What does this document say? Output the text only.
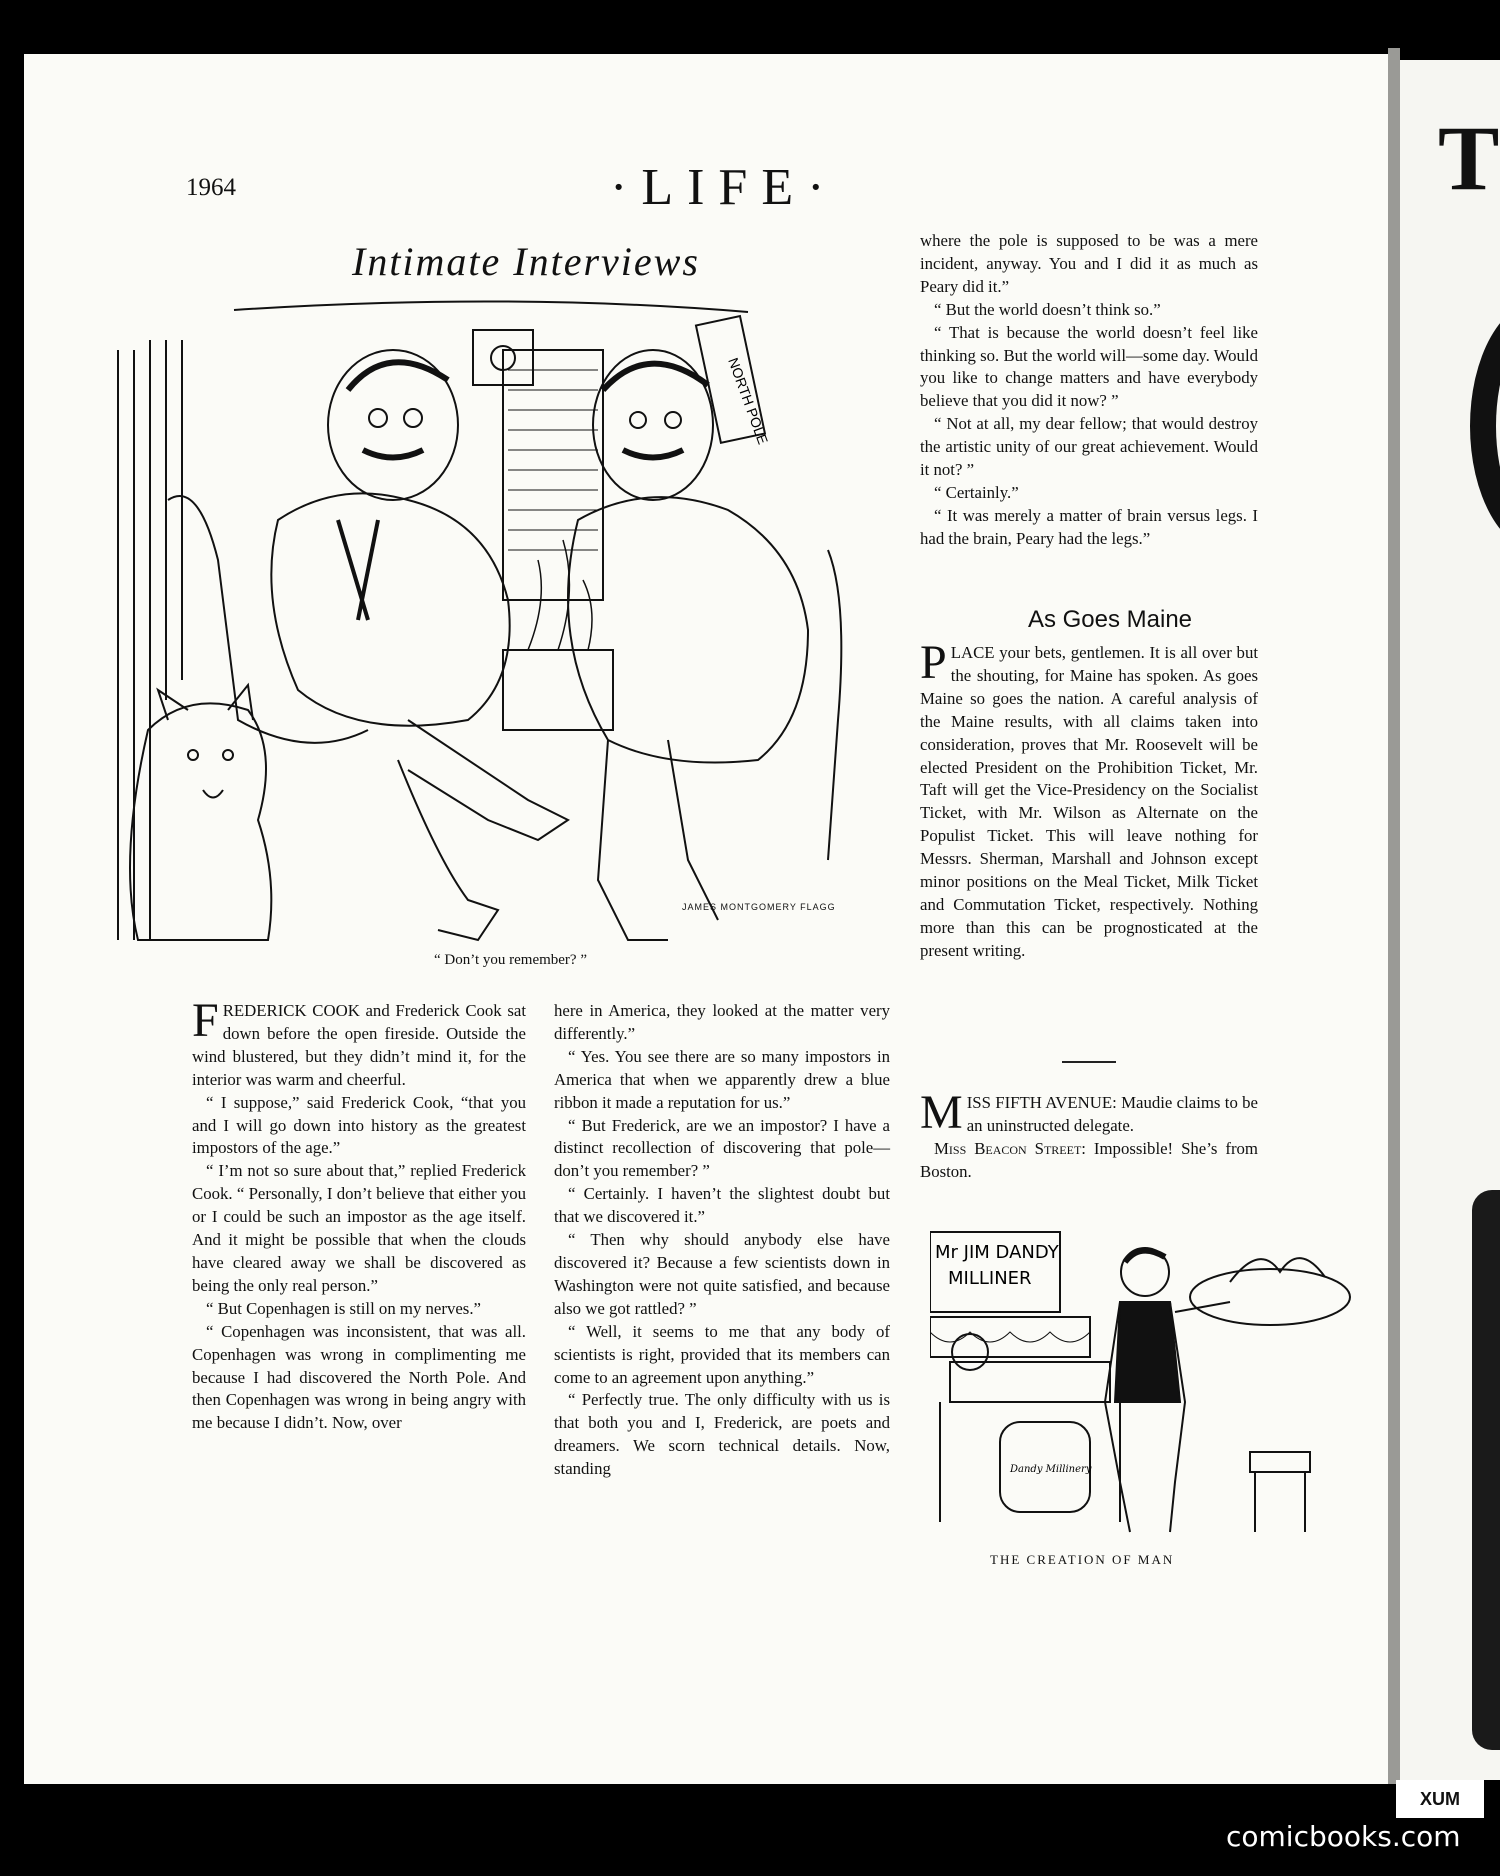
T
1964	·LIFE·
Intimate Interviews
NORTH POLE
JAMES MONTGOMERY FLAGG
“ Don’t you remember? ”

FREDERICK COOK and Frederick Cook sat down before the open fireside. Outside the wind blustered, but they didn’t mind it, for the interior was warm and cheerful.

“ I suppose,” said Frederick Cook, “that you and I will go down into history as the greatest impostors of the age.”

“ I’m not so sure about that,” replied Frederick Cook. “ Personally, I don’t believe that either you or I could be such an impostor as the age itself. And it might be possible that when the clouds have cleared away we shall be discovered as being the only real person.”

“ But Copenhagen is still on my nerves.”

“ Copenhagen was inconsistent, that was all. Copenhagen was wrong in complimenting me because I had discovered the North Pole. And then Copenhagen was wrong in being angry with me because I didn’t. Now, over

here in America, they looked at the matter very differently.”

“ Yes. You see there are so many impostors in America that when we apparently drew a blue ribbon it made a reputation for us.”

“ But Frederick, are we an impostor? I have a distinct recollection of discovering that pole—don’t you remember? ”

“ Certainly. I haven’t the slightest doubt but that we discovered it.”

“ Then why should anybody else have discovered it? Because a few scientists down in Washington were not quite satisfied, and because also we got rattled? ”

“ Well, it seems to me that any body of scientists is right, provided that its members can come to an agreement upon anything.”

“ Perfectly true. The only difficulty with us is that both you and I, Frederick, are poets and dreamers. We scorn technical details. Now, standing

where the pole is supposed to be was a mere incident, anyway. You and I did it as much as Peary did it.”

“ But the world doesn’t think so.”

“ That is because the world doesn’t feel like thinking so. But the world will—some day. Would you like to change matters and have everybody believe that you did it now? ”

“ Not at all, my dear fellow; that would destroy the artistic unity of our great achievement. Would it not? ”

“ Certainly.”

“ It was merely a matter of brain versus legs. I had the brain, Peary had the legs.”

As Goes Maine

PLACE your bets, gentlemen. It is all over but the shouting, for Maine has spoken. As goes Maine so goes the nation. A careful analysis of the Maine results, with all claims taken into consideration, proves that Mr. Roosevelt will be elected President on the Prohibition Ticket, Mr. Taft will get the Vice-Presidency on the Socialist Ticket, with Mr. Wilson as Alternate on the Populist Ticket. This will leave nothing for Messrs. Sherman, Marshall and Johnson except minor positions on the Meal Ticket, Milk Ticket and Commutation Ticket, respectively. Nothing more than this can be prognosticated at the present writing.

MISS FIFTH AVENUE: Maudie claims to be an uninstructed delegate.

Miss Beacon Street: Impossible! She’s from Boston.

Mr JIM DANDY
MILLINER
Dandy Millinery
THE CREATION OF MAN
XUM
comicbooks.com
